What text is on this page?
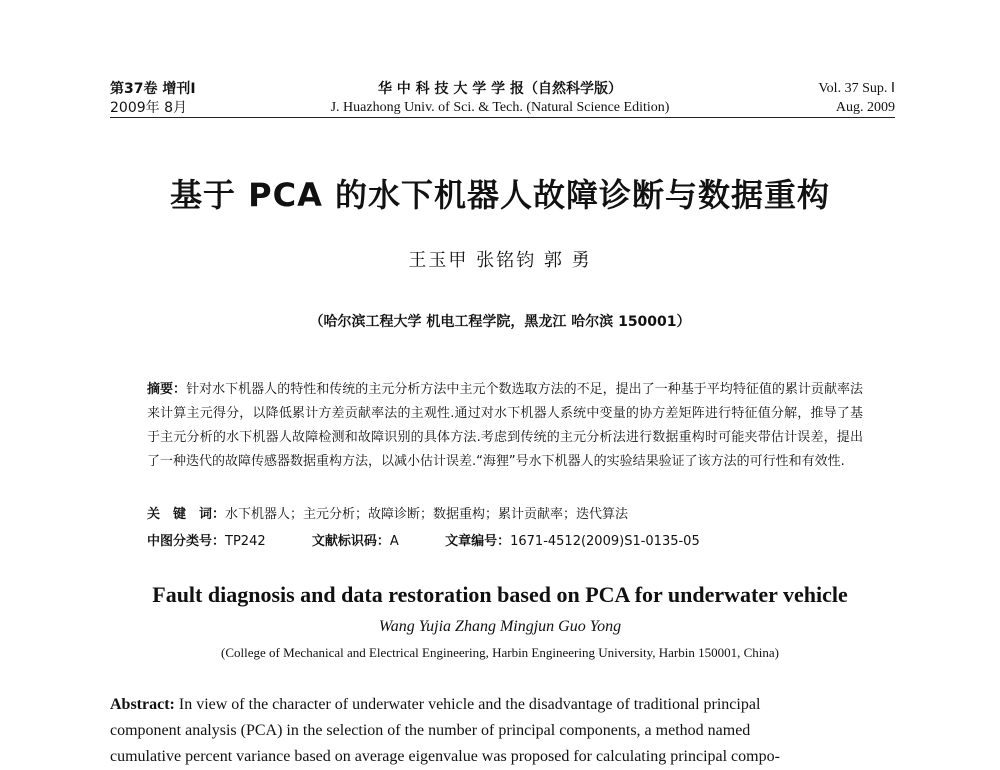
第37卷 增刊Ⅰ
2009年 8月
华 中 科 技 大 学 学 报（自然科学版）
J. Huazhong Univ. of Sci. & Tech. (Natural Science Edition)
Vol. 37 Sup. Ⅰ
Aug. 2009
基于 PCA 的水下机器人故障诊断与数据重构
王玉甲 张铭钧 郭 勇
（哈尔滨工程大学 机电工程学院，黑龙江 哈尔滨 150001）
摘要：针对水下机器人的特性和传统的主元分析方法中主元个数选取方法的不足，提出了一种基于平均特征值的累计贡献率法来计算主元得分，以降低累计方差贡献率法的主观性.通过对水下机器人系统中变量的协方差矩阵进行特征值分解，推导了基于主元分析的水下机器人故障检测和故障识别的具体方法.考虑到传统的主元分析法进行数据重构时可能夹带估计误差，提出了一种迭代的故障传感器数据重构方法，以减小估计误差.“海狸”号水下机器人的实验结果验证了该方法的可行性和有效性.
关　键　词：水下机器人；主元分析；故障诊断；数据重构；累计贡献率；迭代算法
中图分类号：TP242	文献标识码：A	文章编号：1671-4512(2009)S1-0135-05
Fault diagnosis and data restoration based on PCA for underwater vehicle
Wang Yujia Zhang Mingjun Guo Yong
(College of Mechanical and Electrical Engineering, Harbin Engineering University, Harbin 150001, China)
Abstract: In view of the character of underwater vehicle and the disadvantage of traditional principal
component analysis (PCA) in the selection of the number of principal components, a method named
cumulative percent variance based on average eigenvalue was proposed for calculating principal compo-
